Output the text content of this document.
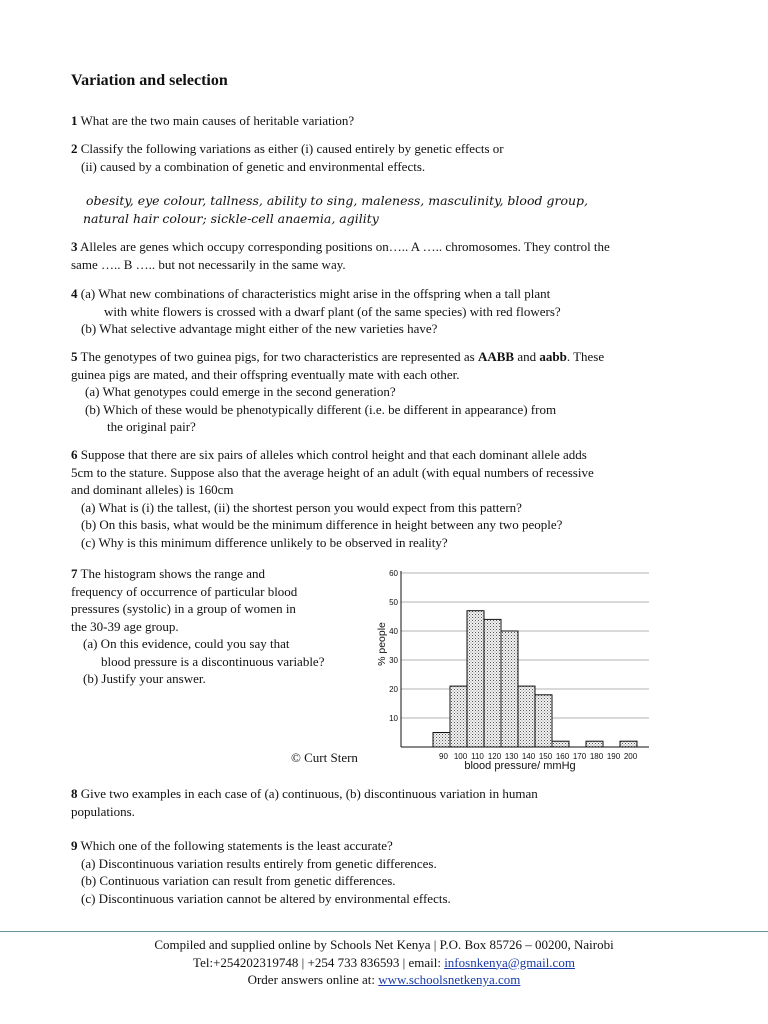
Variation and selection
1 What are the two main causes of heritable variation?
2 Classify the following variations as either (i) caused entirely by genetic effects or
(ii) caused by a combination of genetic and environmental effects.
obesity, eye colour, tallness, ability to sing, maleness, masculinity, blood group,
natural hair colour; sickle-cell anaemia, agility
3 Alleles are genes which occupy corresponding positions on….. A ….. chromosomes. They control the
same ….. B ….. but not necessarily in the same way.
4 (a) What new combinations of characteristics might arise in the offspring when a tall plant
with white flowers is crossed with a dwarf plant (of the same species) with red flowers?
(b) What selective advantage might either of the new varieties have?
5 The genotypes of two guinea pigs, for two characteristics are represented as AABB and aabb. These
guinea pigs are mated, and their offspring eventually mate with each other.
(a) What genotypes could emerge in the second generation?
(b) Which of these would be phenotypically different (i.e. be different in appearance) from
the original pair?
6 Suppose that there are six pairs of alleles which control height and that each dominant allele adds
5cm to the stature. Suppose also that the average height of an adult (with equal numbers of recessive
and dominant alleles) is 160cm
(a) What is (i) the tallest, (ii) the shortest person you would expect from this pattern?
(b) On this basis, what would be the minimum difference in height between any two people?
(c) Why is this minimum difference unlikely to be observed in reality?
7 The histogram shows the range and
frequency of occurrence of particular blood
pressures (systolic) in a group of women in
the 30-39 age group.
(a) On this evidence, could you say that
blood pressure is a discontinuous variable?
(b) Justify your answer.
© Curt Stern
10
20
30
40
50
60
90 100 110 120 130 140 150 160 170 180 190 200
% people
blood pressure/ mmHg
8 Give two examples in each case of (a) continuous, (b) discontinuous variation in human
populations.
9 Which one of the following statements is the least accurate?
(a) Discontinuous variation results entirely from genetic differences.
(b) Continuous variation can result from genetic differences.
(c) Discontinuous variation cannot be altered by environmental effects.
Compiled and supplied online by Schools Net Kenya | P.O. Box 85726 – 00200, Nairobi
Tel:+254202319748 | +254 733 836593 | email: infosnkenya@gmail.com
Order answers online at: www.schoolsnetkenya.com
